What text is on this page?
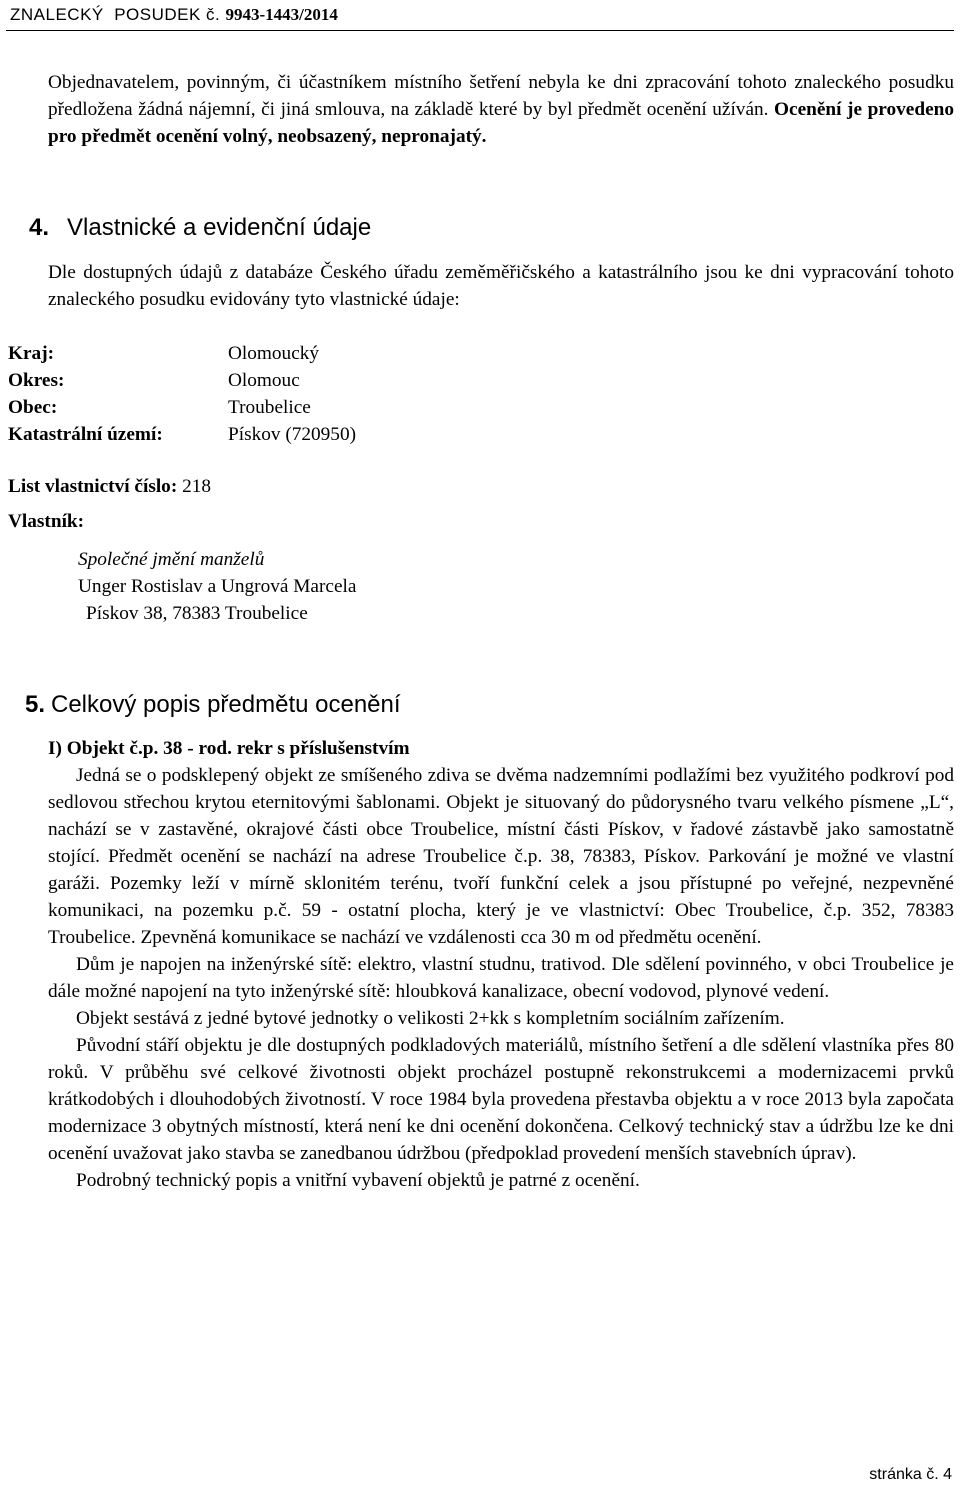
ZNALECKÝ  POSUDEK č. 9943-1443/2014
Objednavatelem, povinným, či účastníkem místního šetření nebyla ke dni zpracování tohoto znaleckého posudku předložena žádná nájemní, či jiná smlouva, na základě které by byl předmět ocenění užíván. Ocenění je provedeno pro předmět ocenění volný, neobsazený, nepronajatý.
4. Vlastnické a evidenční údaje
Dle dostupných údajů z databáze Českého úřadu zeměměřičského a katastrálního jsou ke dni vypracování tohoto znaleckého posudku evidovány tyto vlastnické údaje:
Kraj:	Olomoucký
Okres:	Olomouc
Obec:	Troubelice
Katastrální území:	Pískov (720950)
List vlastnictví číslo: 218
Vlastník:
Společné jmění manželů
Unger Rostislav a Ungrová Marcela
Pískov 38, 78383 Troubelice
5. Celkový popis předmětu ocenění
I) Objekt č.p. 38 - rod. rekr s příslušenstvím
Jedná se o podsklepený objekt ze smíšeného zdiva se dvěma nadzemními podlažími bez využitého podkroví pod sedlovou střechou krytou eternitovými šablonami. Objekt je situovaný do půdorysného tvaru velkého písmene „L“, nachází se v zastavěné, okrajové části obce Troubelice, místní části Pískov, v řadové zástavbě jako samostatně stojící. Předmět ocenění se nachází na adrese Troubelice č.p. 38, 78383, Pískov. Parkování je možné ve vlastní garáži. Pozemky leží v mírně sklonitém terénu, tvoří funkční celek a jsou přístupné po veřejné, nezpevněné komunikaci, na pozemku p.č. 59 - ostatní plocha, který je ve vlastnictví: Obec Troubelice, č.p. 352, 78383 Troubelice. Zpevněná komunikace se nachází ve vzdálenosti cca 30 m od předmětu ocenění.
Dům je napojen na inženýrské sítě: elektro, vlastní studnu, trativod. Dle sdělení povinného, v obci Troubelice je dále možné napojení na tyto inženýrské sítě: hloubková kanalizace, obecní vodovod, plynové vedení.
Objekt sestává z jedné bytové jednotky o velikosti 2+kk s kompletním sociálním zařízením.
Původní stáří objektu je dle dostupných podkladových materiálů, místního šetření a dle sdělení vlastníka přes 80 roků. V průběhu své celkové životnosti objekt procházel postupně rekonstrukcemi a modernizacemi prvků krátkodobých i dlouhodobých životností. V roce 1984 byla provedena přestavba objektu a v roce 2013 byla započata modernizace 3 obytných místností, která není ke dni ocenění dokončena. Celkový technický stav a údržbu lze ke dni ocenění uvažovat jako stavba se zanedbanou údržbou (předpoklad provedení menších stavebních úprav).
Podrobný technický popis a vnitřní vybavení objektů je patrné z ocenění.
stránka č. 4
